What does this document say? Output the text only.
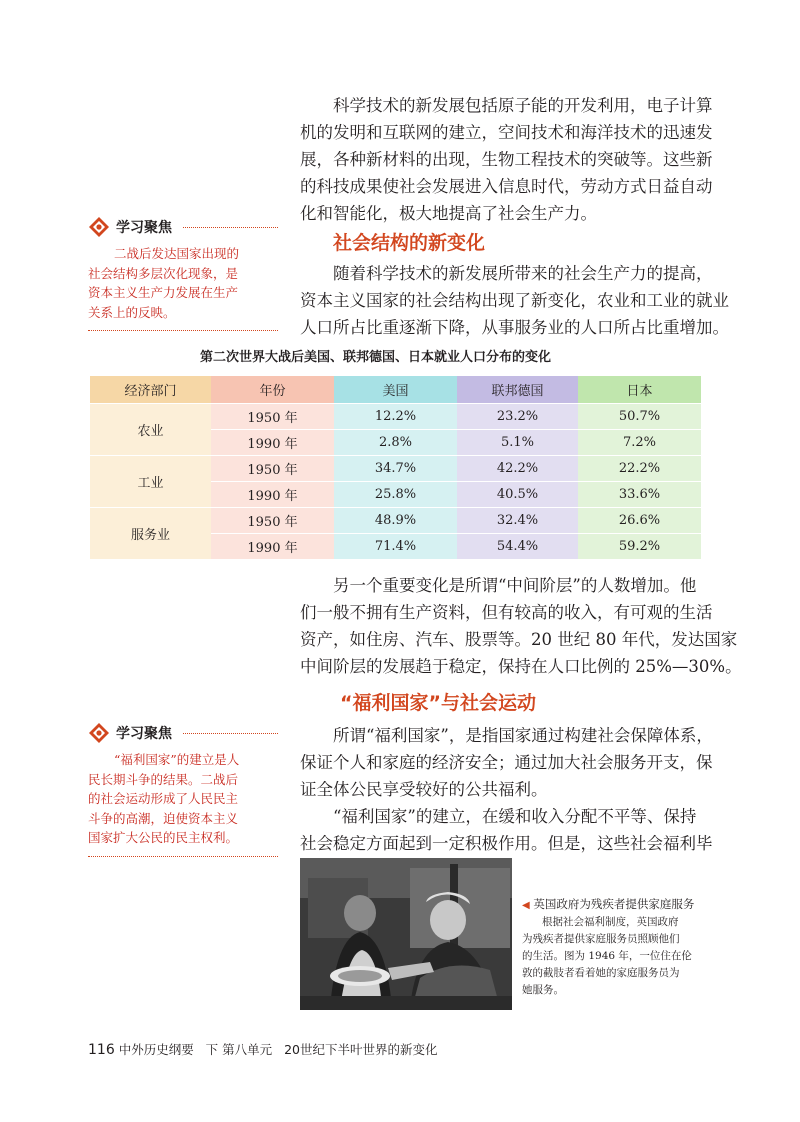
科学技术的新发展包括原子能的开发利用，电子计算
机的发明和互联网的建立，空间技术和海洋技术的迅速发
展，各种新材料的出现，生物工程技术的突破等。这些新
的科技成果使社会发展进入信息时代，劳动方式日益自动
化和智能化，极大地提高了社会生产力。
学习聚焦
二战后发达国家出现的
社会结构多层次化现象，是
资本主义生产力发展在生产
关系上的反映。
社会结构的新变化
随着科学技术的新发展所带来的社会生产力的提高，
资本主义国家的社会结构出现了新变化，农业和工业的就业
人口所占比重逐渐下降，从事服务业的人口所占比重增加。
第二次世界大战后美国、联邦德国、日本就业人口分布的变化
经济部门	年份	美国	联邦德国	日本
农业	1950 年	12.2%	23.2%	50.7%
	1990 年	2.8%	5.1%	7.2%
工业	1950 年	34.7%	42.2%	22.2%
	1990 年	25.8%	40.5%	33.6%
服务业	1950 年	48.9%	32.4%	26.6%
	1990 年	71.4%	54.4%	59.2%
另一个重要变化是所谓“中间阶层”的人数增加。他
们一般不拥有生产资料，但有较高的收入，有可观的生活
资产，如住房、汽车、股票等。20 世纪 80 年代，发达国家
中间阶层的发展趋于稳定，保持在人口比例的 25%—30%。
“福利国家”与社会运动
学习聚焦
“福利国家”的建立是人
民长期斗争的结果。二战后
的社会运动形成了人民民主
斗争的高潮，迫使资本主义
国家扩大公民的民主权利。
所谓“福利国家”，是指国家通过构建社会保障体系，
保证个人和家庭的经济安全；通过加大社会服务开支，保
证全体公民享受较好的公共福利。
“福利国家”的建立，在缓和收入分配不平等、保持
社会稳定方面起到一定积极作用。但是，这些社会福利毕
◀ 英国政府为残疾者提供家庭服务
根据社会福利制度，英国政府
为残疾者提供家庭服务员照顾他们
的生活。图为 1946 年，一位住在伦
敦的截肢者看着她的家庭服务员为
她服务。
116 中外历史纲要 下 第八单元 20世纪下半叶世界的新变化
